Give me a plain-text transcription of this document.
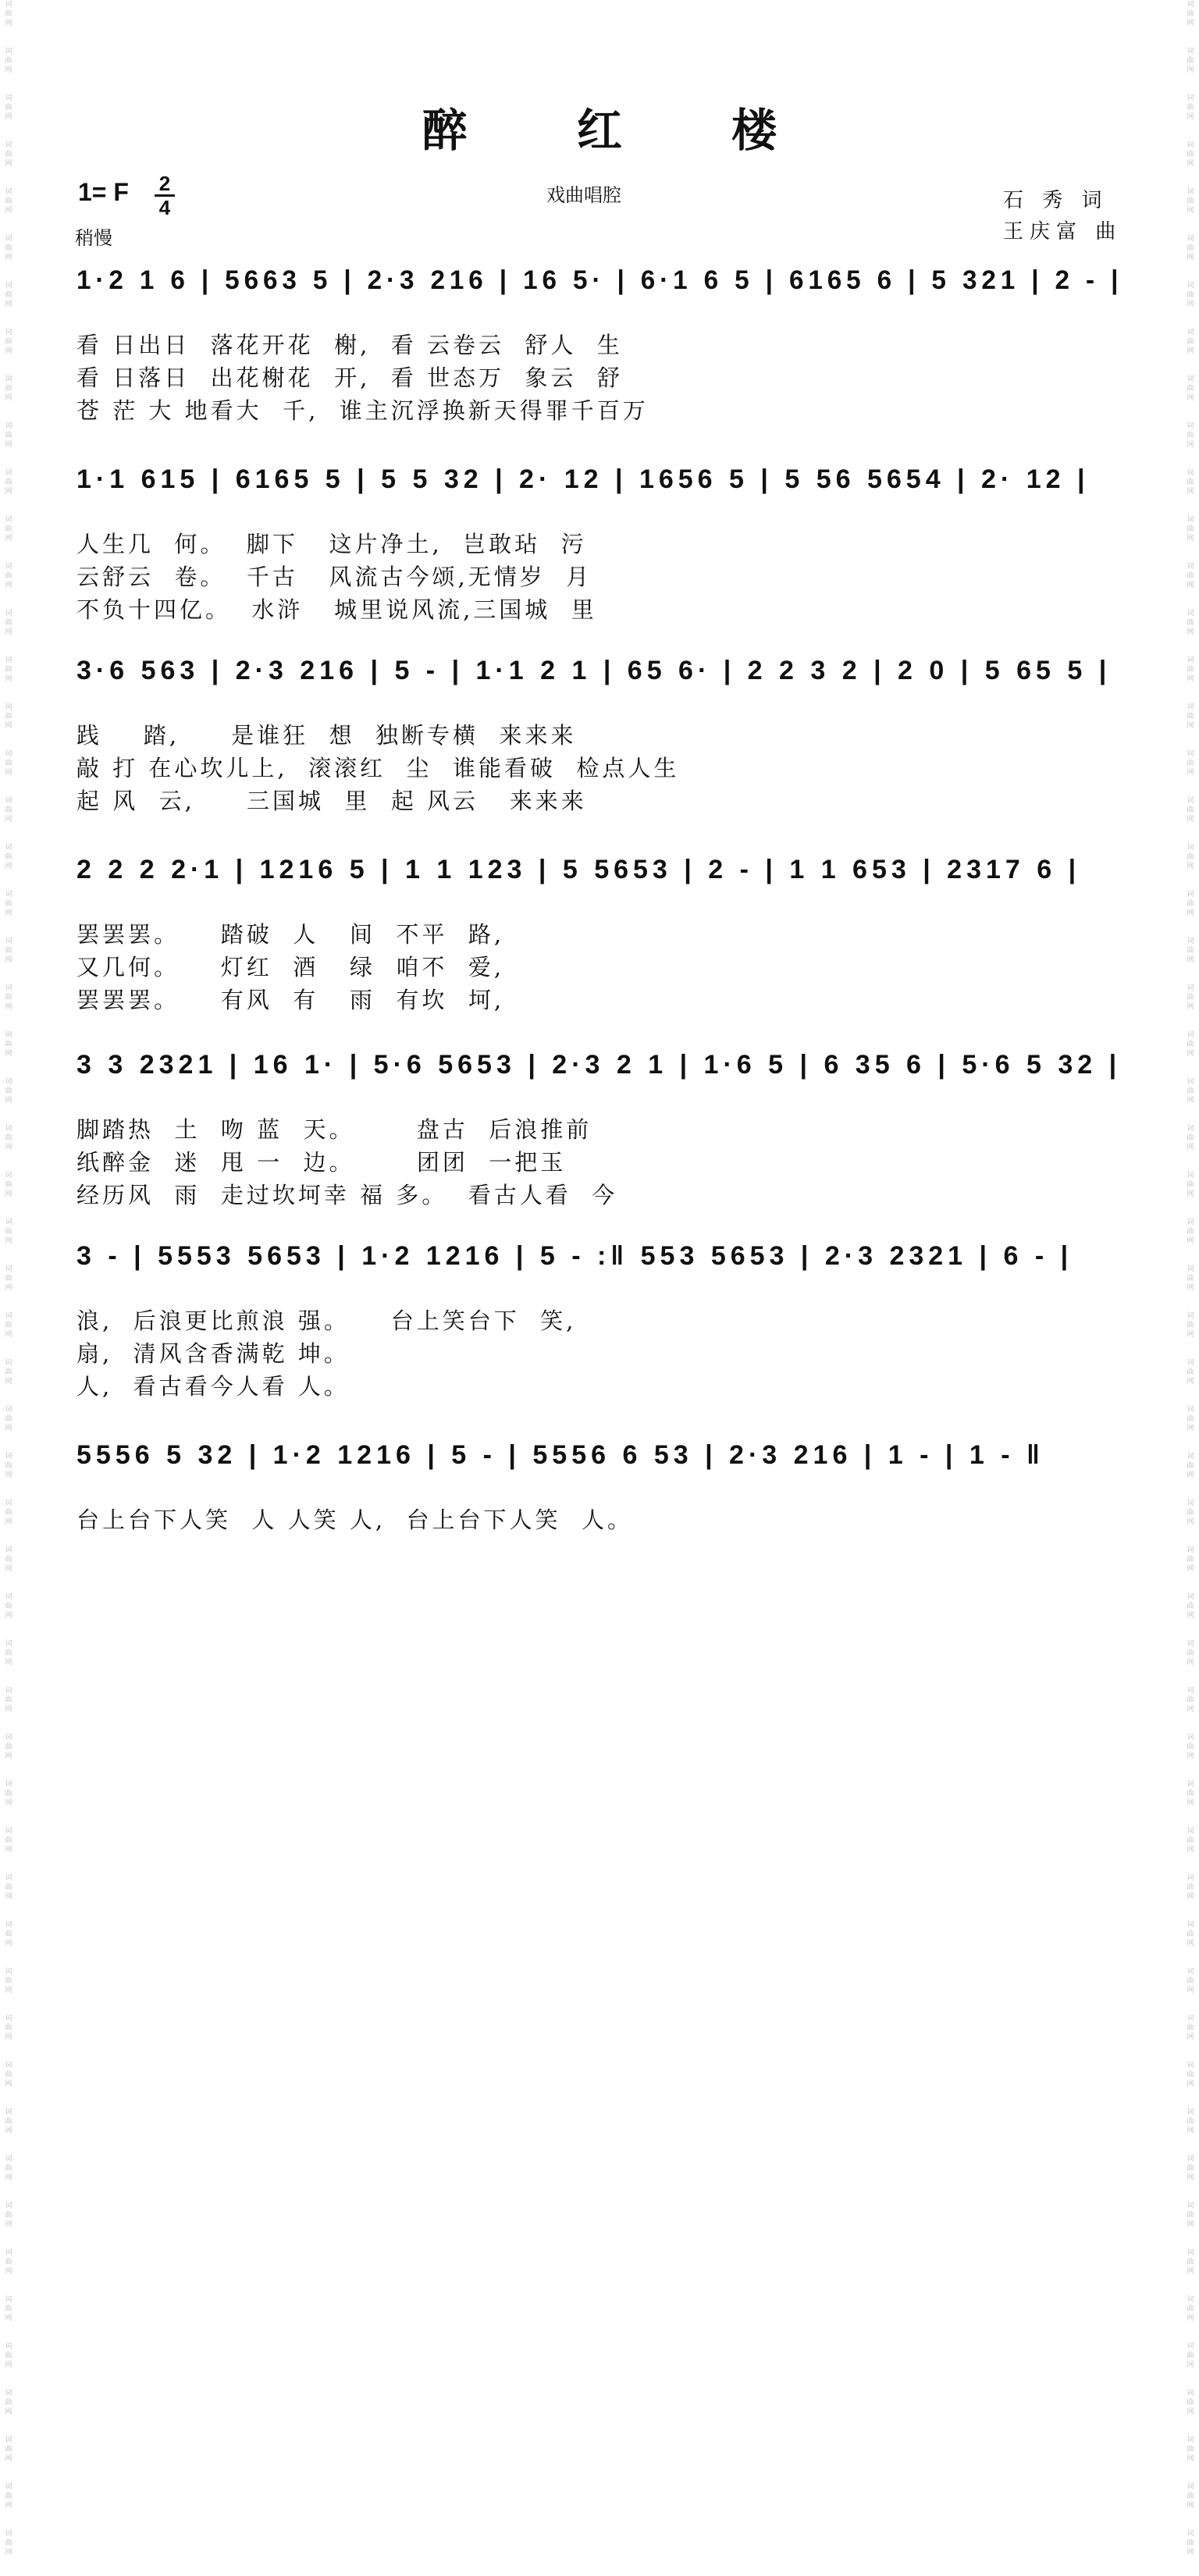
词
曲
网
词
曲
网
词
曲
网
词
曲
网
词
曲
网
词
曲
网
词
曲
网
词
曲
网
词
曲
网
词
曲
网
词
曲
网
词
曲
网
词
曲
网
词
曲
网
词
曲
网
词
曲
网
词
曲
网
词
曲
网
词
曲
网
词
曲
网
词
曲
网
词
曲
网
词
曲
网
词
曲
网
词
曲
网
词
曲
网
词
曲
网
词
曲
网
词
曲
网
词
曲
网
词
曲
网
词
曲
网
词
曲
网
词
曲
网
词
曲
网
词
曲
网
词
曲
网
词
曲
网
词
曲
网
词
曲
网
词
曲
网
词
曲
网
词
曲
网
词
曲
网
词
曲
网
词
曲
网
词
曲
网
词
曲
网
词
曲
网
词
曲
网
词
曲
网
词
曲
网
词
曲
网
词
曲
网
词
曲
网
词
曲
网
词
曲
网
词
曲
网
词
曲
网
词
曲
网
词
曲
网
词
曲
网
词
曲
网
词
曲
网
词
曲
网
词
曲
网
词
曲
网
词
曲
网
词
曲
网
词
曲
网
词
曲
网
词
曲
网
词
曲
网
词
曲
网
词
曲
网
词
曲
网
词
曲
网
词
曲
网
词
曲
网
词
曲
网
词
曲
网
词
曲
网
词
曲
网
词
曲
网
词
曲
网
词
曲
网
词
曲
网
词
曲
网
词
曲
网
词
曲
网
词
曲
网
词
曲
网
词
曲
网
词
曲
网
词
曲
网
词
曲
网
词
曲
网
词
曲
网
词
曲
网
词
曲
网
词
曲
网
词
曲
网
词
曲
网
词
曲
网
词
曲
网
词
曲
网
词
曲
网
词
曲
网
词
曲
网
词
曲
网
醉 红 楼
1= F 2
4
稍慢
戏曲唱腔	石 秀 词
王庆富 曲
1·2 1 6 | 5663 5 | 2·3 216 | 16 5· | 6·1 6 5 | 6165 6 | 5 321 | 2 - |
看 日出日  落花开花  榭,  看 云卷云  舒人  生
看 日落日  出花榭花  开,  看 世态万  象云  舒
苍 茫 大 地看大  千,  谁主沉浮换新天得罪千百万
1·1 615 | 6165 5 | 5 5 32 | 2· 12 | 1656 5 | 5 56 5654 | 2· 12 |
人生几  何。  脚下   这片净土,  岂敢玷  污
云舒云  卷。  千古   风流古今颂,无情岁  月
不负十四亿。  水浒   城里说风流,三国城  里
3·6 563 | 2·3 216 | 5 - | 1·1 2 1 | 65 6· | 2 2 3 2 | 2 0 | 5 65 5 |
践    踏,     是谁狂  想  独断专横  来来来
敲 打 在心坎儿上,  滚滚红  尘  谁能看破  检点人生
起 风  云,     三国城  里  起 风云   来来来
2 2 2 2·1 | 1216 5 | 1 1 123 | 5 5653 | 2 - | 1 1 653 | 2317 6 |
罢罢罢。    踏破  人   间  不平  路,
又几何。    灯红  酒   绿  咱不  爱,
罢罢罢。    有风  有   雨  有坎  坷,
3 3 2321 | 16 1· | 5·6 5653 | 2·3 2 1 | 1·6 5 | 6 35 6 | 5·6 5 32 |
脚踏热  土  吻 蓝  天。      盘古  后浪推前
纸醉金  迷  甩 一  边。      团团  一把玉
经历风  雨  走过坎坷幸 福 多。  看古人看  今
3 - | 5553 5653 | 1·2 1216 | 5 - :‖ 553 5653 | 2·3 2321 | 6 - |
浪,  后浪更比煎浪 强。    台上笑台下  笑,
扇,  清风含香满乾 坤。
人,  看古看今人看 人。
5556 5 32 | 1·2 1216 | 5 - | 5556 6 53 | 2·3 216 | 1 - | 1 - ‖
台上台下人笑  人 人笑 人,  台上台下人笑  人。
